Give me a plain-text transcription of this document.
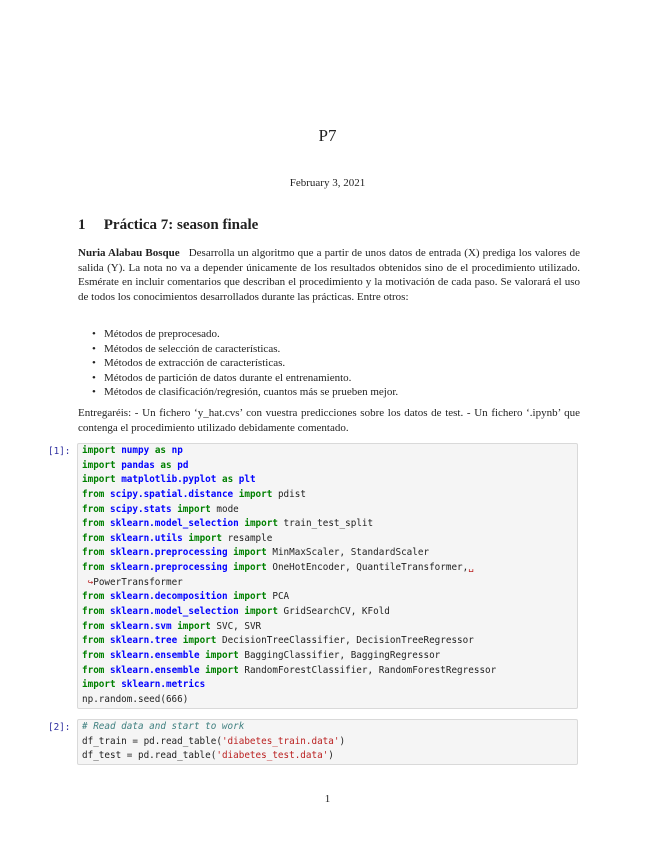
P7
February 3, 2021
1 Práctica 7: season finale
Nuria Alabau Bosque Desarrolla un algoritmo que a partir de unos datos de entrada (X) prediga los valores de salida (Y). La nota no va a depender únicamente de los resultados obtenidos sino de el procedimiento utilizado. Esmérate en incluir comentarios que describan el procedimiento y la motivación de cada paso. Se valorará el uso de todos los conocimientos desarrollados durante las prácticas. Entre otros:
• Métodos de preprocesado.
• Métodos de selección de características.
• Métodos de extracción de características.
• Métodos de partición de datos durante el entrenamiento.
• Métodos de clasificación/regresión, cuantos más se prueben mejor.
Entregaréis: - Un fichero ‘y_hat.cvs’ con vuestra predicciones sobre los datos de test. - Un fichero ‘.ipynb’ que contenga el procedimiento utilizado debidamente comentado.
[1]:	import numpy as np
import pandas as pd
import matplotlib.pyplot as plt
from scipy.spatial.distance import pdist
from scipy.stats import mode
from sklearn.model_selection import train_test_split
from sklearn.utils import resample
from sklearn.preprocessing import MinMaxScaler, StandardScaler
from sklearn.preprocessing import OneHotEncoder, QuantileTransformer,␣
↪PowerTransformer
from sklearn.decomposition import PCA
from sklearn.model_selection import GridSearchCV, KFold
from sklearn.svm import SVC, SVR
from sklearn.tree import DecisionTreeClassifier, DecisionTreeRegressor
from sklearn.ensemble import BaggingClassifier, BaggingRegressor
from sklearn.ensemble import RandomForestClassifier, RandomForestRegressor
import sklearn.metrics
np.random.seed(666)
[2]:	# Read data and start to work
df_train = pd.read_table('diabetes_train.data')
df_test = pd.read_table('diabetes_test.data')
1
